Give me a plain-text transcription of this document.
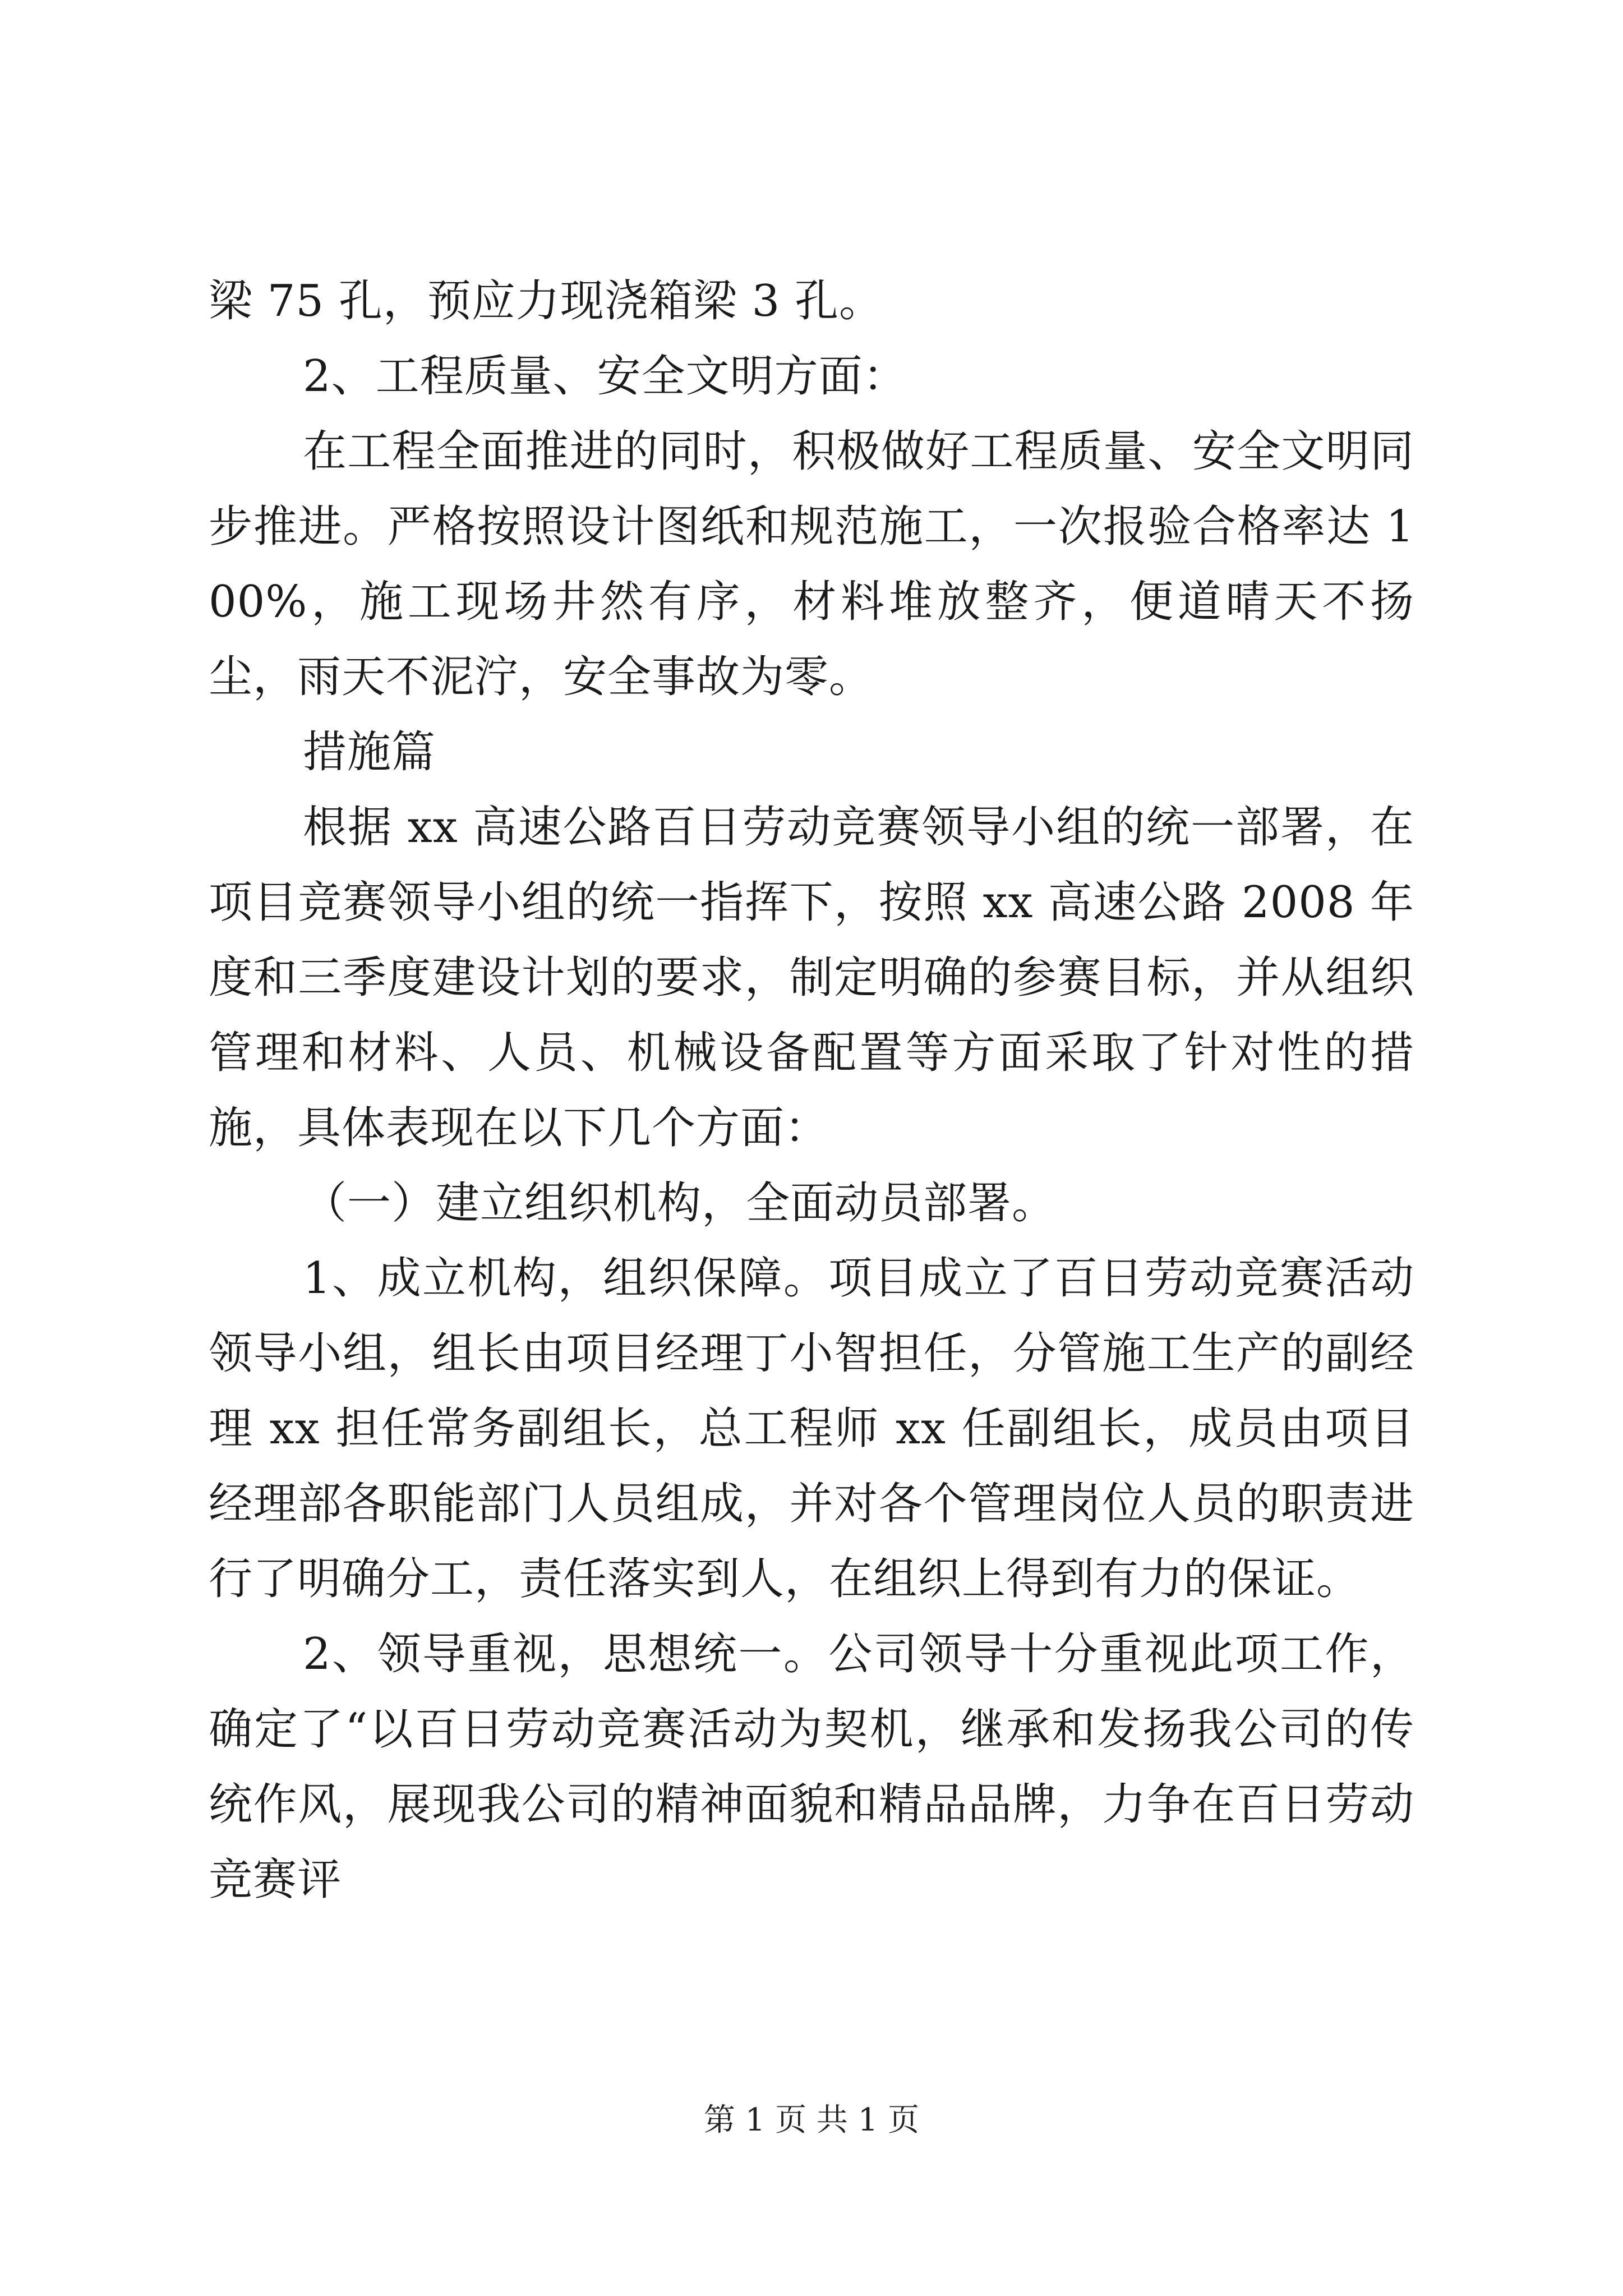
梁 75 孔，预应力现浇箱梁 3 孔。

2、工程质量、安全文明方面：

在工程全面推进的同时，积极做好工程质量、安全文明同步推进。严格按照设计图纸和规范施工，一次报验合格率达 100%，施工现场井然有序，材料堆放整齐，便道晴天不扬尘，雨天不泥泞，安全事故为零。

措施篇

根据 xx 高速公路百日劳动竞赛领导小组的统一部署，在项目竞赛领导小组的统一指挥下，按照 xx 高速公路 2008 年度和三季度建设计划的要求，制定明确的参赛目标，并从组织管理和材料、人员、机械设备配置等方面采取了针对性的措施，具体表现在以下几个方面：

（一）建立组织机构，全面动员部署。

1、成立机构，组织保障。项目成立了百日劳动竞赛活动领导小组，组长由项目经理丁小智担任，分管施工生产的副经理 xx 担任常务副组长，总工程师 xx 任副组长，成员由项目经理部各职能部门人员组成，并对各个管理岗位人员的职责进行了明确分工，责任落实到人，在组织上得到有力的保证。

2、领导重视，思想统一。公司领导十分重视此项工作，确定了“以百日劳动竞赛活动为契机，继承和发扬我公司的传统作风，展现我公司的精神面貌和精品品牌，力争在百日劳动竞赛评

第 1 页 共 1 页
